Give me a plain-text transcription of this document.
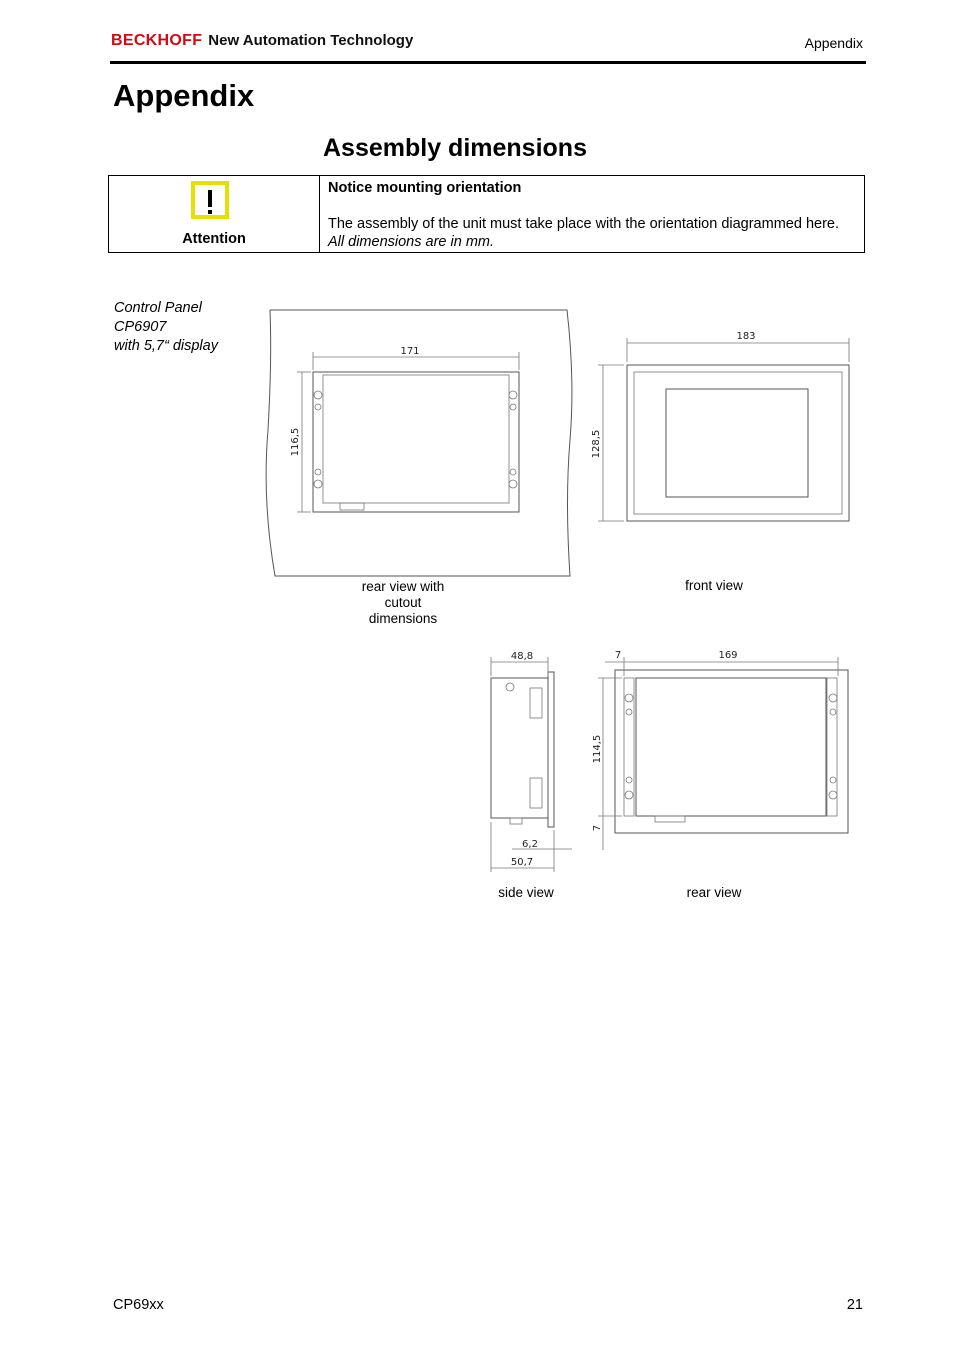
BECKHOFF New Automation Technology	Appendix
Appendix
Assembly dimensions
Attention
Notice mounting orientation
The assembly of the unit must take place with the orientation diagrammed here. All dimensions are in mm.
Control Panel
CP6907
with 5,7“ display	171
116,5
183
128,5
48,8
6,2
50,7
7	169
114,5
7
rear view with
cutout
dimensions
front view
side view	rear view
CP69xx	21
